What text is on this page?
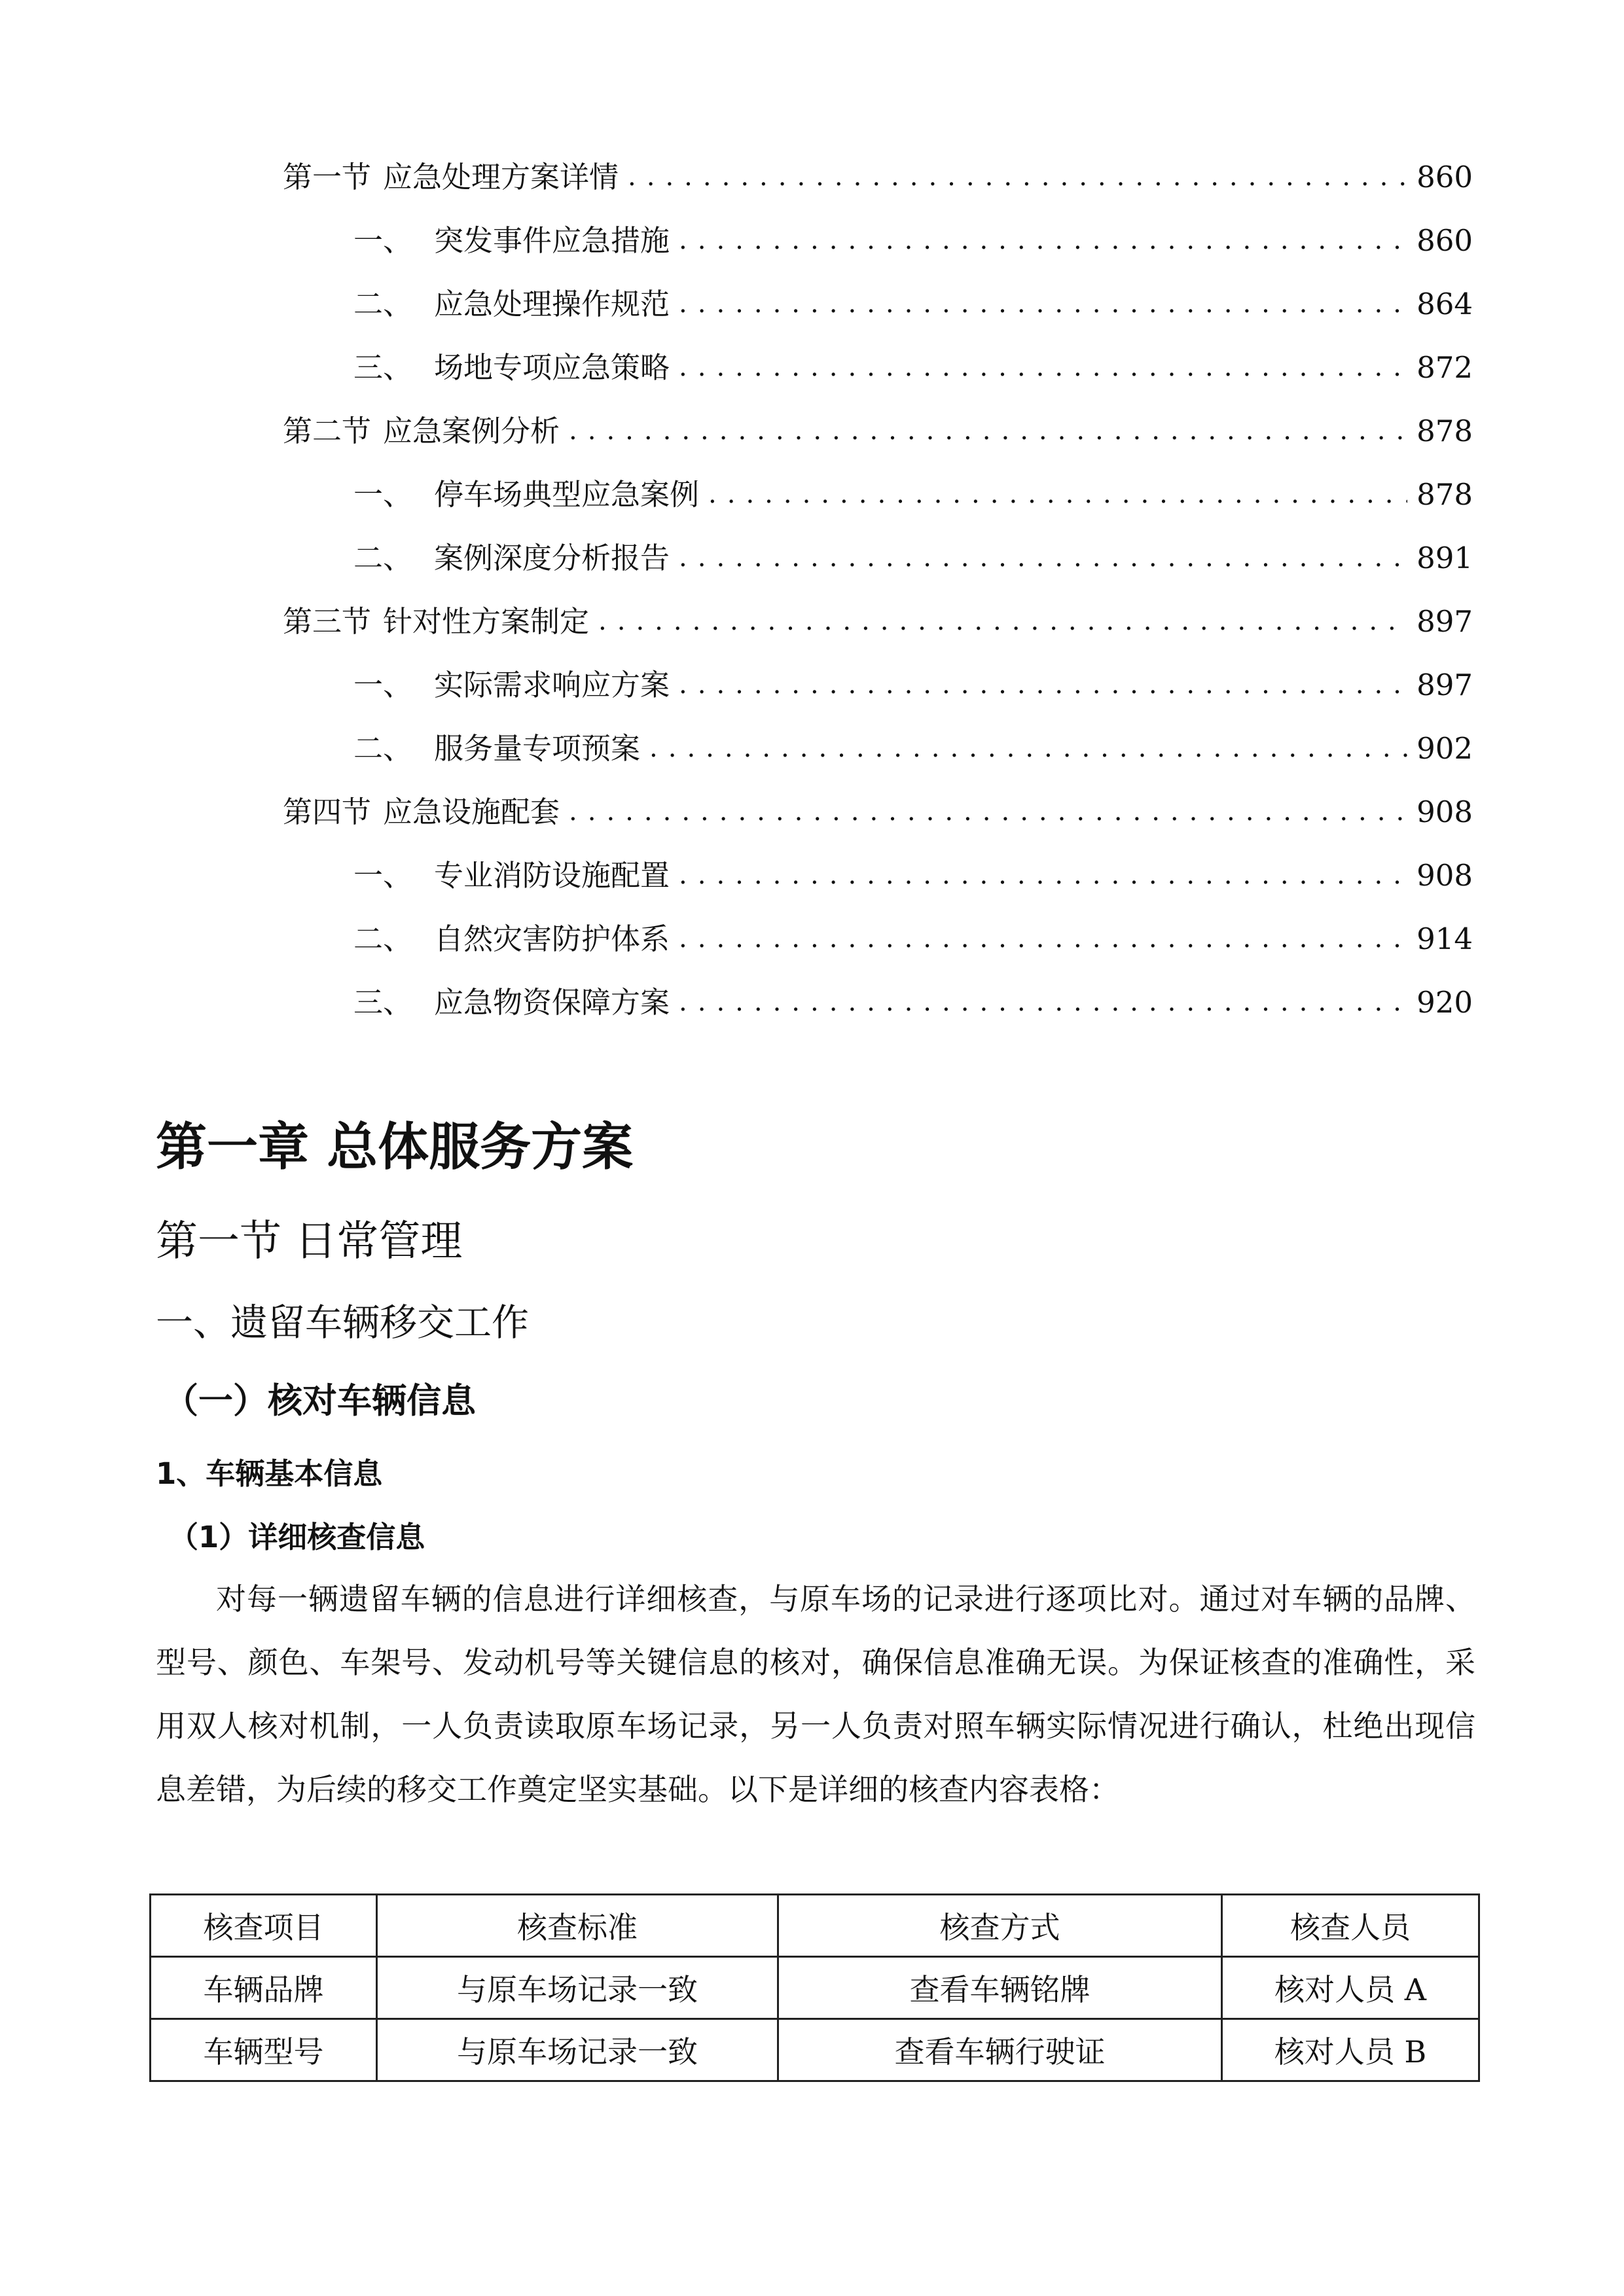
第一节 应急处理方案详情 .....	860
一、 突发事件应急措施 .....	860
二、 应急处理操作规范 .....	864
三、 场地专项应急策略 .....	872
第二节 应急案例分析 .....	878
一、 停车场典型应急案例 .....	878
二、 案例深度分析报告 .....	891
第三节 针对性方案制定 .....	897
一、 实际需求响应方案 .....	897
二、 服务量专项预案 .....	902
第四节 应急设施配套 .....	908
一、 专业消防设施配置 .....	908
二、 自然灾害防护体系 .....	914
三、 应急物资保障方案 .....	920
第一章 总体服务方案
第一节 日常管理
一、遗留车辆移交工作
（一）核对车辆信息
1、车辆基本信息
（1）详细核查信息
对每一辆遗留车辆的信息进行详细核查，与原车场的记录进行逐项比对。通过对车辆的品牌、型号、颜色、车架号、发动机号等关键信息的核对，确保信息准确无误。为保证核查的准确性，采用双人核对机制，一人负责读取原车场记录，另一人负责对照车辆实际情况进行确认，杜绝出现信息差错，为后续的移交工作奠定坚实基础。以下是详细的核查内容表格：
核查项目	核查标准	核查方式	核查人员
车辆品牌	与原车场记录一致	查看车辆铭牌	核对人员 A
车辆型号	与原车场记录一致	查看车辆行驶证	核对人员 B
